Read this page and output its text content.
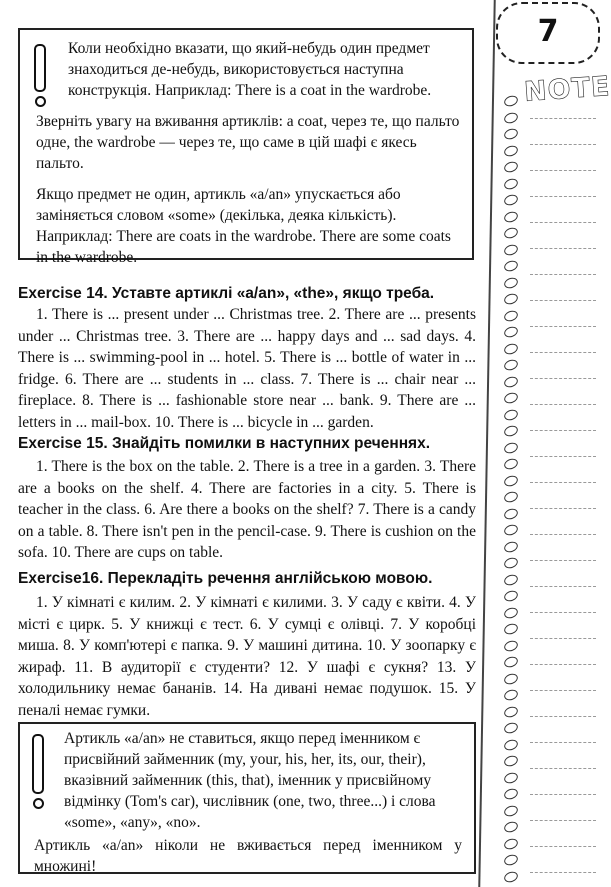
7
NOTE

Коли необхідно вказати, що який-небудь один предмет знаходиться де-небудь, використовується наступна конструкція. Наприклад: There is a coat in the wardrobe.

Зверніть увагу на вживання артиклів: a coat, через те, що пальто одне, the wardrobe — через те, що саме в цій шафі є якесь пальто.

Якщо предмет не один, артикль «a/an» упускається або заміняється словом «some» (декілька, деяка кількість). Наприклад: There are coats in the wardrobe. There are some coats in the wardrobe.

Exercise 14. Уставте артиклі «a/an», «the», якщо треба.

1. There is ... present under ... Christmas tree. 2. There are ... presents under ... Christmas tree. 3. There are ... happy days and ... sad days. 4. There is ... swimming-pool in ... hotel. 5. There is ... bottle of water in ... fridge. 6. There are ... students in ... class. 7. There is ... chair near ... fireplace. 8. There is ... fashionable store near ... bank. 9. There are ... letters in ... mail-box. 10. There is ... bicycle in ... garden.

Exercise 15. Знайдіть помилки в наступних реченнях.

1. There is the box on the table. 2. There is a tree in a garden. 3. There are a books on the shelf. 4. There are factories in a city. 5. There is teacher in the class. 6. Are there a books on the shelf? 7. There is a candy on a table. 8. There isn't pen in the pencil-case. 9. There is cushion on the sofa. 10. There are cups on table.

Exercise16. Перекладіть речення англійською мовою.

1. У кімнаті є килим. 2. У кімнаті є килими. 3. У саду є квіти. 4. У місті є цирк. 5. У книжці є тест. 6. У сумці є олівці. 7. У коробці миша. 8. У комп'ютері є папка. 9. У машині дитина. 10. У зоопарку є жираф. 11. В аудиторії є студенти? 12. У шафі є сукня? 13. У холодильнику немає бананів. 14. На дивані немає подушок. 15. У пеналі немає гумки.

Артикль «a/an» не ставиться, якщо перед іменником є присвійний займенник (my, your, his, her, its, our, their), вказівний займенник (this, that), іменник у присвійному відмінку (Tom's car), числівник (one, two, three...) і слова «some», «any», «no».

Артикль «a/an» ніколи не вживається перед іменником у множині!
